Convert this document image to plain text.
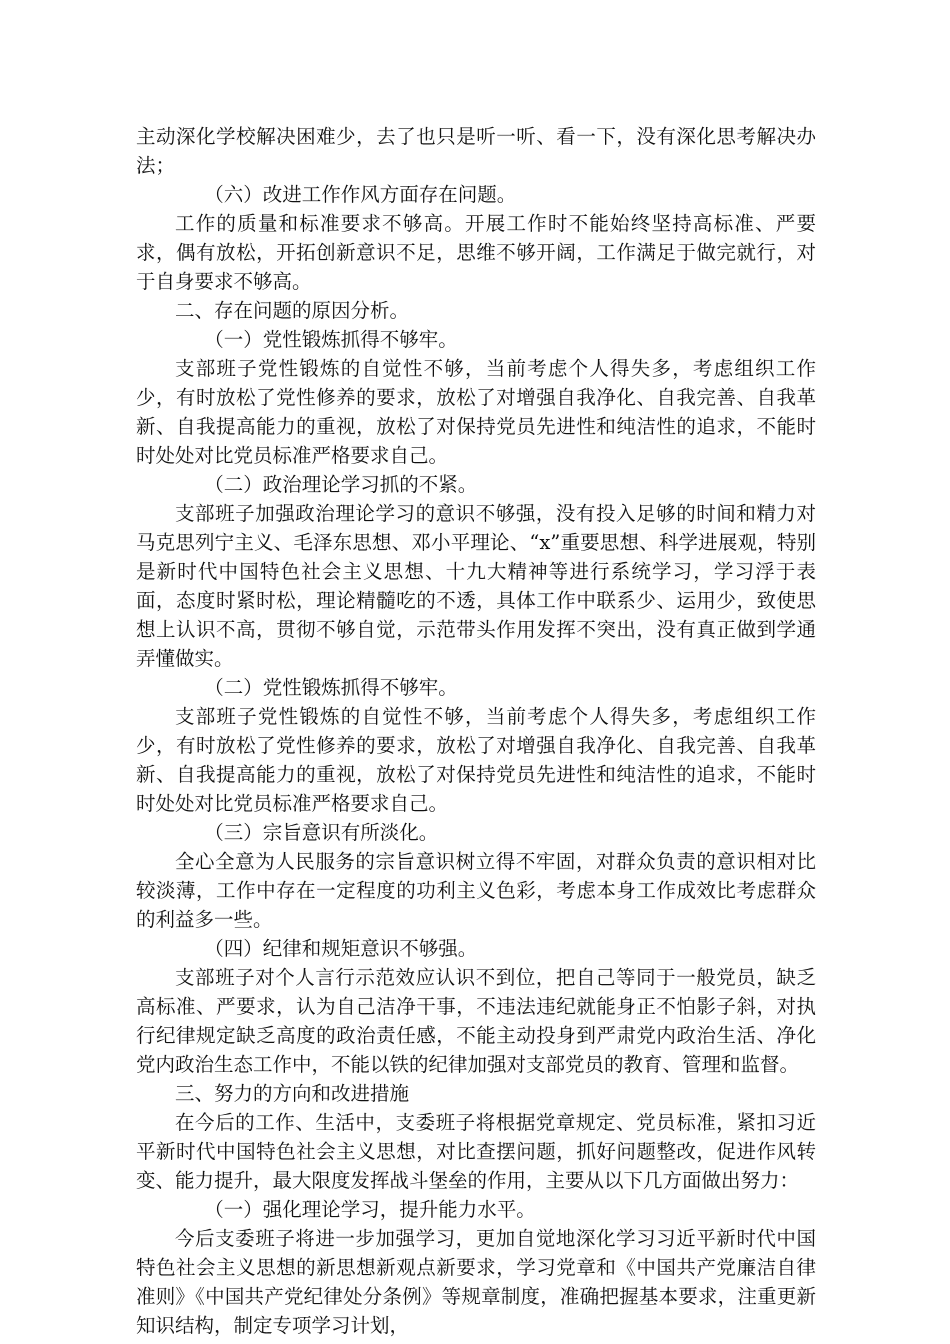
主动深化学校解决困难少，去了也只是听一听、看一下，没有深化思考解决办法；

（六）改进工作作风方面存在问题。

工作的质量和标准要求不够高。开展工作时不能始终坚持高标准、严要求，偶有放松，开拓创新意识不足，思维不够开阔，工作满足于做完就行，对于自身要求不够高。

二、存在问题的原因分析。

（一）党性锻炼抓得不够牢。

支部班子党性锻炼的自觉性不够，当前考虑个人得失多，考虑组织工作少，有时放松了党性修养的要求，放松了对增强自我净化、自我完善、自我革新、自我提高能力的重视，放松了对保持党员先进性和纯洁性的追求，不能时时处处对比党员标准严格要求自己。

（二）政治理论学习抓的不紧。

支部班子加强政治理论学习的意识不够强，没有投入足够的时间和精力对马克思列宁主义、毛泽东思想、邓小平理论、“x”重要思想、科学进展观，特别是新时代中国特色社会主义思想、十九大精神等进行系统学习，学习浮于表面，态度时紧时松，理论精髓吃的不透，具体工作中联系少、运用少，致使思想上认识不高，贯彻不够自觉，示范带头作用发挥不突出，没有真正做到学通弄懂做实。

（二）党性锻炼抓得不够牢。

支部班子党性锻炼的自觉性不够，当前考虑个人得失多，考虑组织工作少，有时放松了党性修养的要求，放松了对增强自我净化、自我完善、自我革新、自我提高能力的重视，放松了对保持党员先进性和纯洁性的追求，不能时时处处对比党员标准严格要求自己。

（三）宗旨意识有所淡化。

全心全意为人民服务的宗旨意识树立得不牢固，对群众负责的意识相对比较淡薄，工作中存在一定程度的功利主义色彩，考虑本身工作成效比考虑群众的利益多一些。

（四）纪律和规矩意识不够强。

支部班子对个人言行示范效应认识不到位，把自己等同于一般党员，缺乏高标准、严要求，认为自己洁净干事，不违法违纪就能身正不怕影子斜，对执行纪律规定缺乏高度的政治责任感，不能主动投身到严肃党内政治生活、净化党内政治生态工作中，不能以铁的纪律加强对支部党员的教育、管理和监督。

三、努力的方向和改进措施

在今后的工作、生活中，支委班子将根据党章规定、党员标准，紧扣习近平新时代中国特色社会主义思想，对比查摆问题，抓好问题整改，促进作风转变、能力提升，最大限度发挥战斗堡垒的作用，主要从以下几方面做出努力：

（一）强化理论学习，提升能力水平。

今后支委班子将进一步加强学习，更加自觉地深化学习习近平新时代中国特色社会主义思想的新思想新观点新要求，学习党章和《中国共产党廉洁自律准则》《中国共产党纪律处分条例》等规章制度，准确把握基本要求，注重更新知识结构，制定专项学习计划，
